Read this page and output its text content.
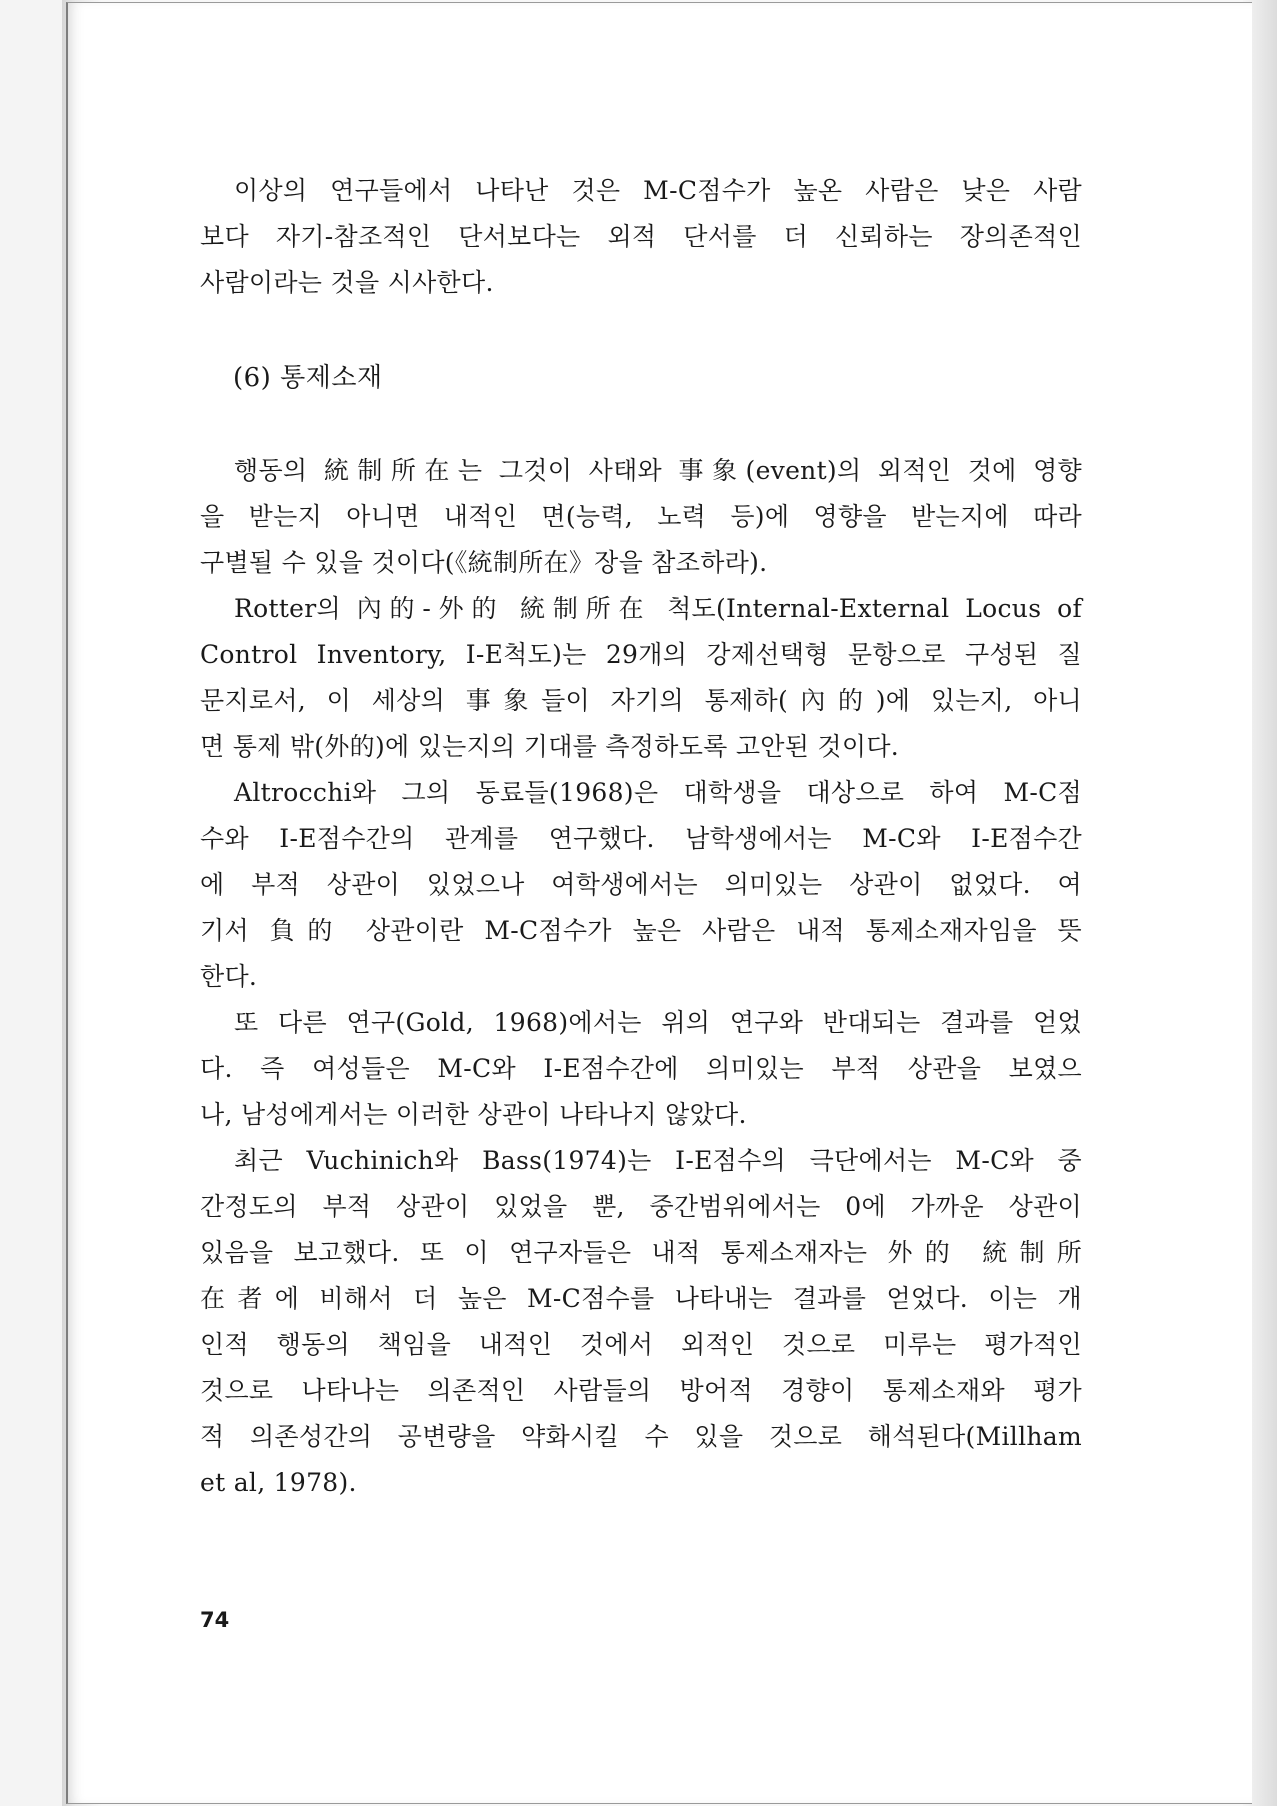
이상의 연구들에서 나타난 것은 M-C점수가 높온 사람은 낮은 사람
보다 자기-참조적인 단서보다는 외적 단서를 더 신뢰하는 장의존적인
사람이라는 것을 시사한다.
(6) 통제소재
행동의 統制所在는 그것이 사태와 事象(event)의 외적인 것에 영향
을 받는지 아니면 내적인 면(능력, 노력 등)에 영향을 받는지에 따라
구별될 수 있을 것이다(《統制所在》장을 참조하라).
Rotter의 內的-外的 統制所在 척도(Internal-External Locus of
Control Inventory, I-E척도)는 29개의 강제선택형 문항으로 구성된 질
문지로서, 이 세상의 事象들이 자기의 통제하(內的)에 있는지, 아니
면 통제 밖(外的)에 있는지의 기대를 측정하도록 고안된 것이다.
Altrocchi와 그의 동료들(1968)은 대학생을 대상으로 하여 M-C점
수와 I-E점수간의 관계를 연구했다. 남학생에서는 M-C와 I-E점수간
에 부적 상관이 있었으나 여학생에서는 의미있는 상관이 없었다. 여
기서 負的 상관이란 M-C점수가 높은 사람은 내적 통제소재자임을 뜻
한다.
또 다른 연구(Gold, 1968)에서는 위의 연구와 반대되는 결과를 얻었
다. 즉 여성들은 M-C와 I-E점수간에 의미있는 부적 상관을 보였으
나, 남성에게서는 이러한 상관이 나타나지 않았다.
최근 Vuchinich와 Bass(1974)는 I-E점수의 극단에서는 M-C와 중
간정도의 부적 상관이 있었을 뿐, 중간범위에서는 0에 가까운 상관이
있음을 보고했다. 또 이 연구자들은 내적 통제소재자는 外的 統制所
在者에 비해서 더 높은 M-C점수를 나타내는 결과를 얻었다. 이는 개
인적 행동의 책임을 내적인 것에서 외적인 것으로 미루는 평가적인
것으로 나타나는 의존적인 사람들의 방어적 경향이 통제소재와 평가
적 의존성간의 공변량을 약화시킬 수 있을 것으로 해석된다(Millham
et al, 1978).
74
